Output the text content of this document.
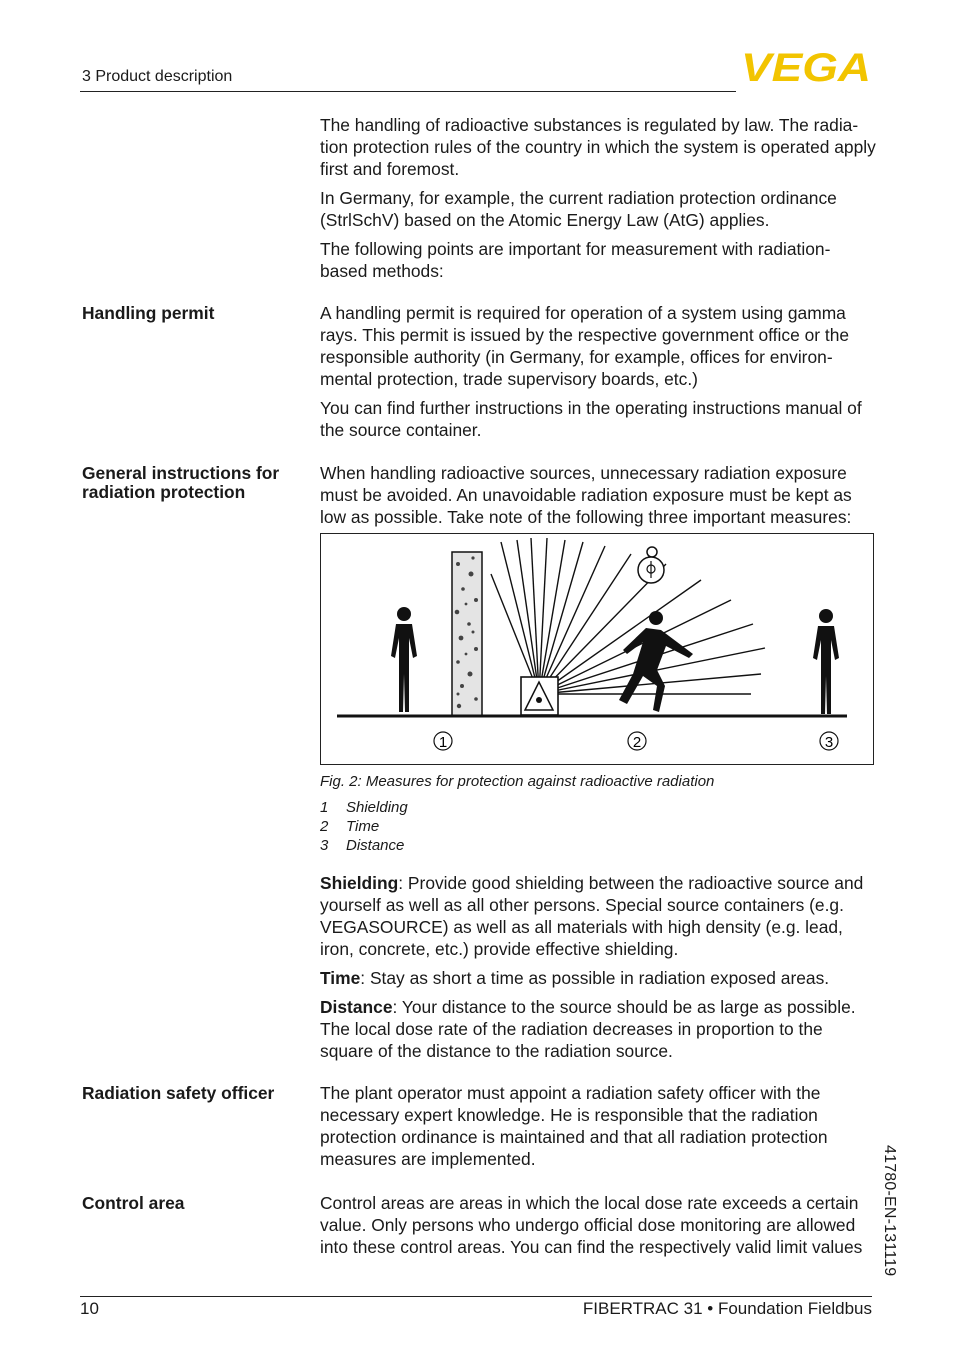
3 Product description	VEGA
41780-EN-131119

The handling of radioactive substances is regulated by law. The radia-tion protection rules of the country in which the system is operated apply first and foremost.

In Germany, for example, the current radiation protection ordinance (StrlSchV) based on the Atomic Energy Law (AtG) applies.

The following points are important for measurement with radiation-based methods:

Handling permit	A handling permit is required for operation of a system using gamma rays. This permit is issued by the respective government office or the responsible authority (in Germany, for example, offices for environ-mental protection, trade supervisory boards, etc.)

You can find further instructions in the operating instructions manual of the source container.

General instructions for radiation protection

When handling radioactive sources, unnecessary radiation exposure must be avoided. An unavoidable radiation exposure must be kept as low as possible. Take note of the following three important measures:

1	2	3
Fig. 2: Measures for protection against radioactive radiation
1 Shielding
2 Time
3 Distance

Shielding: Provide good shielding between the radioactive source and yourself as well as all other persons. Special source containers (e.g. VEGASOURCE) as well as all materials with high density (e.g. lead, iron, concrete, etc.) provide effective shielding.

Time: Stay as short a time as possible in radiation exposed areas.

Distance: Your distance to the source should be as large as possible. The local dose rate of the radiation decreases in proportion to the square of the distance to the radiation source.

Radiation safety officer	The plant operator must appoint a radiation safety officer with the necessary expert knowledge. He is responsible that the radiation protection ordinance is maintained and that all radiation protection measures are implemented.

Control area	Control areas are areas in which the local dose rate exceeds a certain value. Only persons who undergo official dose monitoring are allowed into these control areas. You can find the respectively valid limit values

10	FIBERTRAC 31 • Foundation Fieldbus
